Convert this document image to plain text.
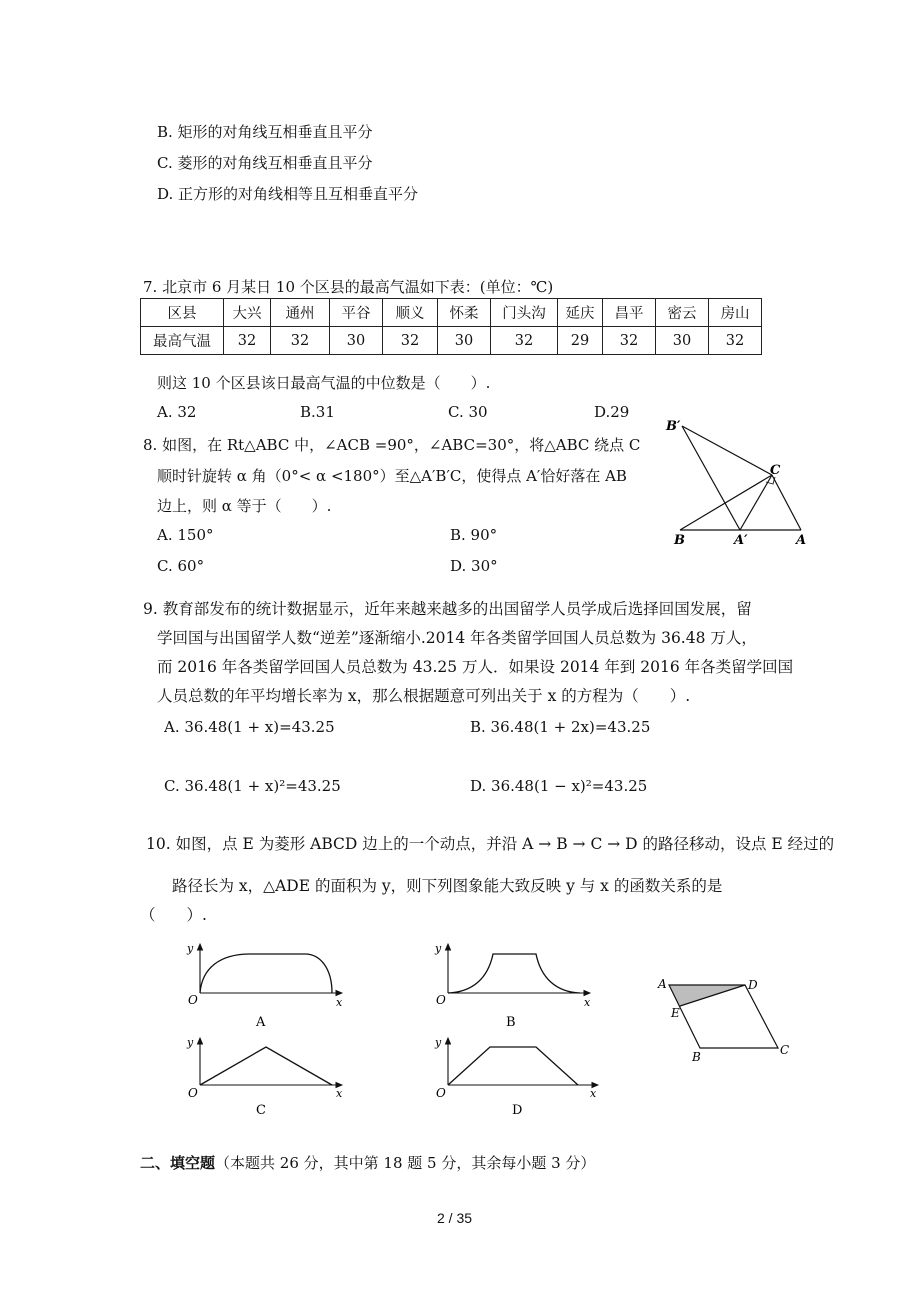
B. 矩形的对角线互相垂直且平分
C. 菱形的对角线互相垂直且平分
D. 正方形的对角线相等且互相垂直平分
7. 北京市 6 月某日 10 个区县的最高气温如下表：(单位：℃)
区县	大兴	通州	平谷	顺义	怀柔	门头沟	延庆	昌平	密云	房山
最高气温	32	32	30	32	30	32	29	32	30	32
则这 10 个区县该日最高气温的中位数是（　　）.
A. 32	B.31	C. 30	D.29
8. 如图，在 Rt△ABC 中，∠ACB =90°，∠ABC=30°，将△ABC 绕点 C
顺时针旋转 α 角（0°< α <180°）至△A′B′C，使得点 A′恰好落在 AB
边上，则 α 等于（　　）.
A. 150°	B. 90°
C. 60°	D. 30°
B′
C
B	A′	A
9. 教育部发布的统计数据显示，近年来越来越多的出国留学人员学成后选择回国发展，留
学回国与出国留学人数“逆差”逐渐缩小.2014 年各类留学回国人员总数为 36.48 万人，
而 2016 年各类留学回国人员总数为 43.25 万人．如果设 2014 年到 2016 年各类留学回国
人员总数的年平均增长率为 x，那么根据题意可列出关于 x 的方程为（　　）.
A. 36.48(1 + x)=43.25	B. 36.48(1 + 2x)=43.25
C. 36.48(1 + x)²=43.25	D. 36.48(1 − x)²=43.25
10. 如图，点 E 为菱形 ABCD 边上的一个动点，并沿 A → B → C → D 的路径移动，设点 E 经过的
路径长为 x，△ADE 的面积为 y，则下列图象能大致反映 y 与 x 的函数关系的是
（　　）.
y
O	x
A
y
O	x
B
y
O	x
C
y
O	x
D
A	D
E
B	C
二、填空题（本题共 26 分，其中第 18 题 5 分，其余每小题 3 分）
2 / 35
